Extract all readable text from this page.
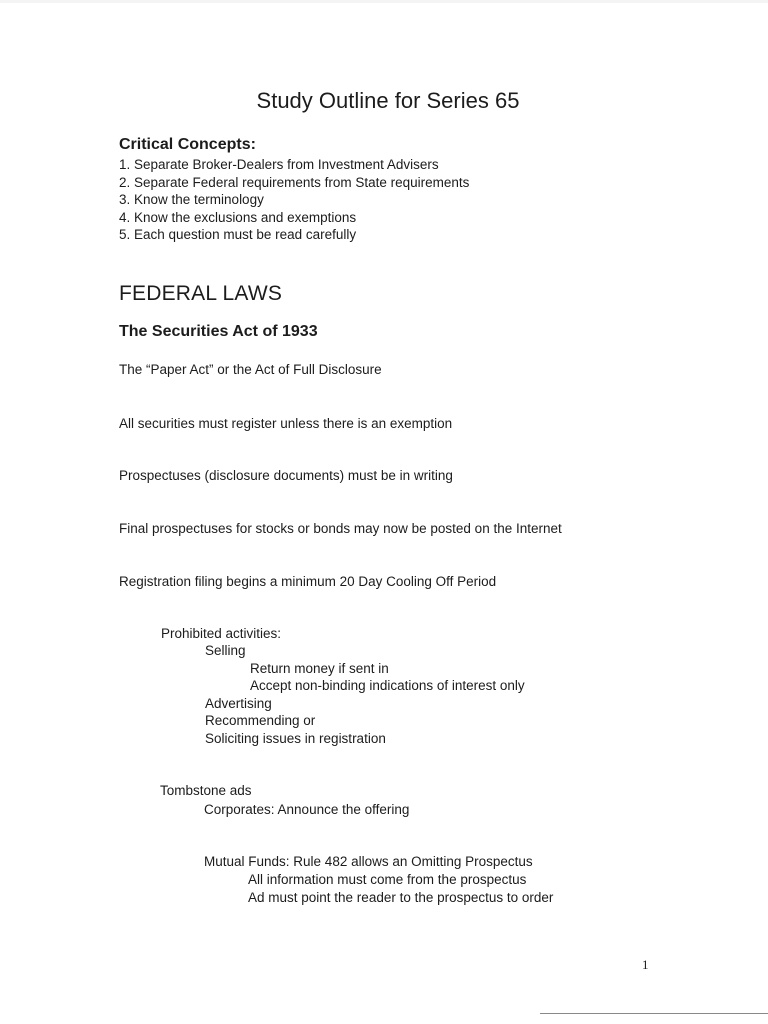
Study Outline for Series 65
Critical Concepts:
1. Separate Broker-Dealers from Investment Advisers
2. Separate Federal requirements from State requirements
3. Know the terminology
4. Know the exclusions and exemptions
5. Each question must be read carefully
FEDERAL LAWS
The Securities Act of 1933
The “Paper Act” or the Act of Full Disclosure
All securities must register unless there is an exemption
Prospectuses (disclosure documents) must be in writing
Final prospectuses for stocks or bonds may now be posted on the Internet
Registration filing begins a minimum 20 Day Cooling Off Period
Prohibited activities:
Selling
Return money if sent in
Accept non-binding indications of interest only
Advertising
Recommending or
Soliciting issues in registration
Tombstone ads
Corporates: Announce the offering
Mutual Funds: Rule 482 allows an Omitting Prospectus
All information must come from the prospectus
Ad must point the reader to the prospectus to order
1
